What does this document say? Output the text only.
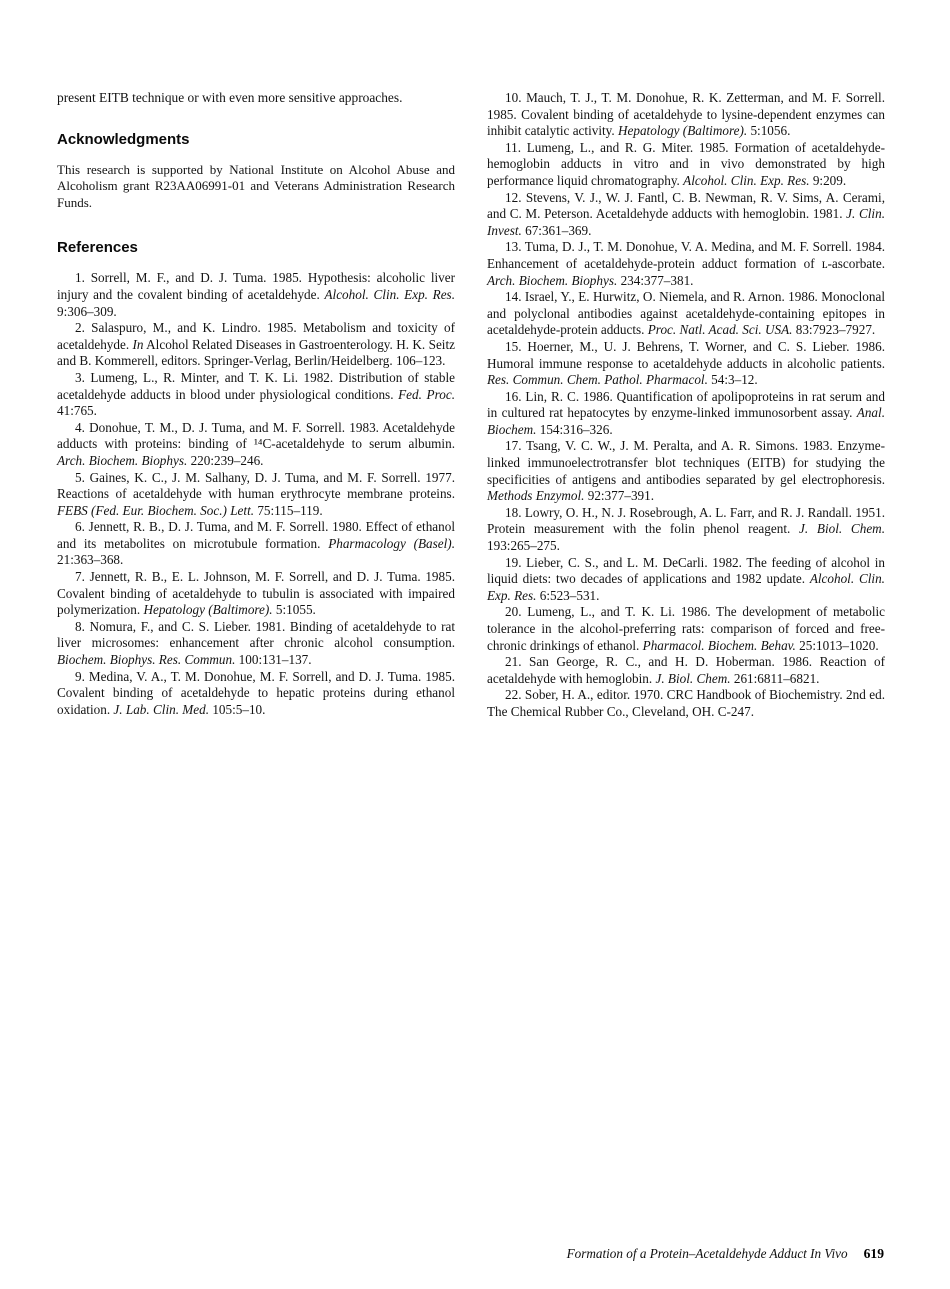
present EITB technique or with even more sensitive approaches.

Acknowledgments

This research is supported by National Institute on Alcohol Abuse and Alcoholism grant R23AA06991-01 and Veterans Administration Research Funds.

References

1. Sorrell, M. F., and D. J. Tuma. 1985. Hypothesis: alcoholic liver injury and the covalent binding of acetaldehyde. Alcohol. Clin. Exp. Res. 9:306–309.

2. Salaspuro, M., and K. Lindro. 1985. Metabolism and toxicity of acetaldehyde. In Alcohol Related Diseases in Gastroenterology. H. K. Seitz and B. Kommerell, editors. Springer-Verlag, Berlin/Heidelberg. 106–123.

3. Lumeng, L., R. Minter, and T. K. Li. 1982. Distribution of stable acetaldehyde adducts in blood under physiological conditions. Fed. Proc. 41:765.

4. Donohue, T. M., D. J. Tuma, and M. F. Sorrell. 1983. Acetaldehyde adducts with proteins: binding of ¹⁴C-acetaldehyde to serum albumin. Arch. Biochem. Biophys. 220:239–246.

5. Gaines, K. C., J. M. Salhany, D. J. Tuma, and M. F. Sorrell. 1977. Reactions of acetaldehyde with human erythrocyte membrane proteins. FEBS (Fed. Eur. Biochem. Soc.) Lett. 75:115–119.

6. Jennett, R. B., D. J. Tuma, and M. F. Sorrell. 1980. Effect of ethanol and its metabolites on microtubule formation. Pharmacology (Basel). 21:363–368.

7. Jennett, R. B., E. L. Johnson, M. F. Sorrell, and D. J. Tuma. 1985. Covalent binding of acetaldehyde to tubulin is associated with impaired polymerization. Hepatology (Baltimore). 5:1055.

8. Nomura, F., and C. S. Lieber. 1981. Binding of acetaldehyde to rat liver microsomes: enhancement after chronic alcohol consumption. Biochem. Biophys. Res. Commun. 100:131–137.

9. Medina, V. A., T. M. Donohue, M. F. Sorrell, and D. J. Tuma. 1985. Covalent binding of acetaldehyde to hepatic proteins during ethanol oxidation. J. Lab. Clin. Med. 105:5–10.

10. Mauch, T. J., T. M. Donohue, R. K. Zetterman, and M. F. Sorrell. 1985. Covalent binding of acetaldehyde to lysine-dependent enzymes can inhibit catalytic activity. Hepatology (Baltimore). 5:1056.

11. Lumeng, L., and R. G. Miter. 1985. Formation of acetaldehyde-hemoglobin adducts in vitro and in vivo demonstrated by high performance liquid chromatography. Alcohol. Clin. Exp. Res. 9:209.

12. Stevens, V. J., W. J. Fantl, C. B. Newman, R. V. Sims, A. Cerami, and C. M. Peterson. Acetaldehyde adducts with hemoglobin. 1981. J. Clin. Invest. 67:361–369.

13. Tuma, D. J., T. M. Donohue, V. A. Medina, and M. F. Sorrell. 1984. Enhancement of acetaldehyde-protein adduct formation of ʟ-ascorbate. Arch. Biochem. Biophys. 234:377–381.

14. Israel, Y., E. Hurwitz, O. Niemela, and R. Arnon. 1986. Monoclonal and polyclonal antibodies against acetaldehyde-containing epitopes in acetaldehyde-protein adducts. Proc. Natl. Acad. Sci. USA. 83:7923–7927.

15. Hoerner, M., U. J. Behrens, T. Worner, and C. S. Lieber. 1986. Humoral immune response to acetaldehyde adducts in alcoholic patients. Res. Commun. Chem. Pathol. Pharmacol. 54:3–12.

16. Lin, R. C. 1986. Quantification of apolipoproteins in rat serum and in cultured rat hepatocytes by enzyme-linked immunosorbent assay. Anal. Biochem. 154:316–326.

17. Tsang, V. C. W., J. M. Peralta, and A. R. Simons. 1983. Enzyme-linked immunoelectrotransfer blot techniques (EITB) for studying the specificities of antigens and antibodies separated by gel electrophoresis. Methods Enzymol. 92:377–391.

18. Lowry, O. H., N. J. Rosebrough, A. L. Farr, and R. J. Randall. 1951. Protein measurement with the folin phenol reagent. J. Biol. Chem. 193:265–275.

19. Lieber, C. S., and L. M. DeCarli. 1982. The feeding of alcohol in liquid diets: two decades of applications and 1982 update. Alcohol. Clin. Exp. Res. 6:523–531.

20. Lumeng, L., and T. K. Li. 1986. The development of metabolic tolerance in the alcohol-preferring rats: comparison of forced and free-chronic drinkings of ethanol. Pharmacol. Biochem. Behav. 25:1013–1020.

21. San George, R. C., and H. D. Hoberman. 1986. Reaction of acetaldehyde with hemoglobin. J. Biol. Chem. 261:6811–6821.

22. Sober, H. A., editor. 1970. CRC Handbook of Biochemistry. 2nd ed. The Chemical Rubber Co., Cleveland, OH. C-247.

Formation of a Protein–Acetaldehyde Adduct In Vivo 619
